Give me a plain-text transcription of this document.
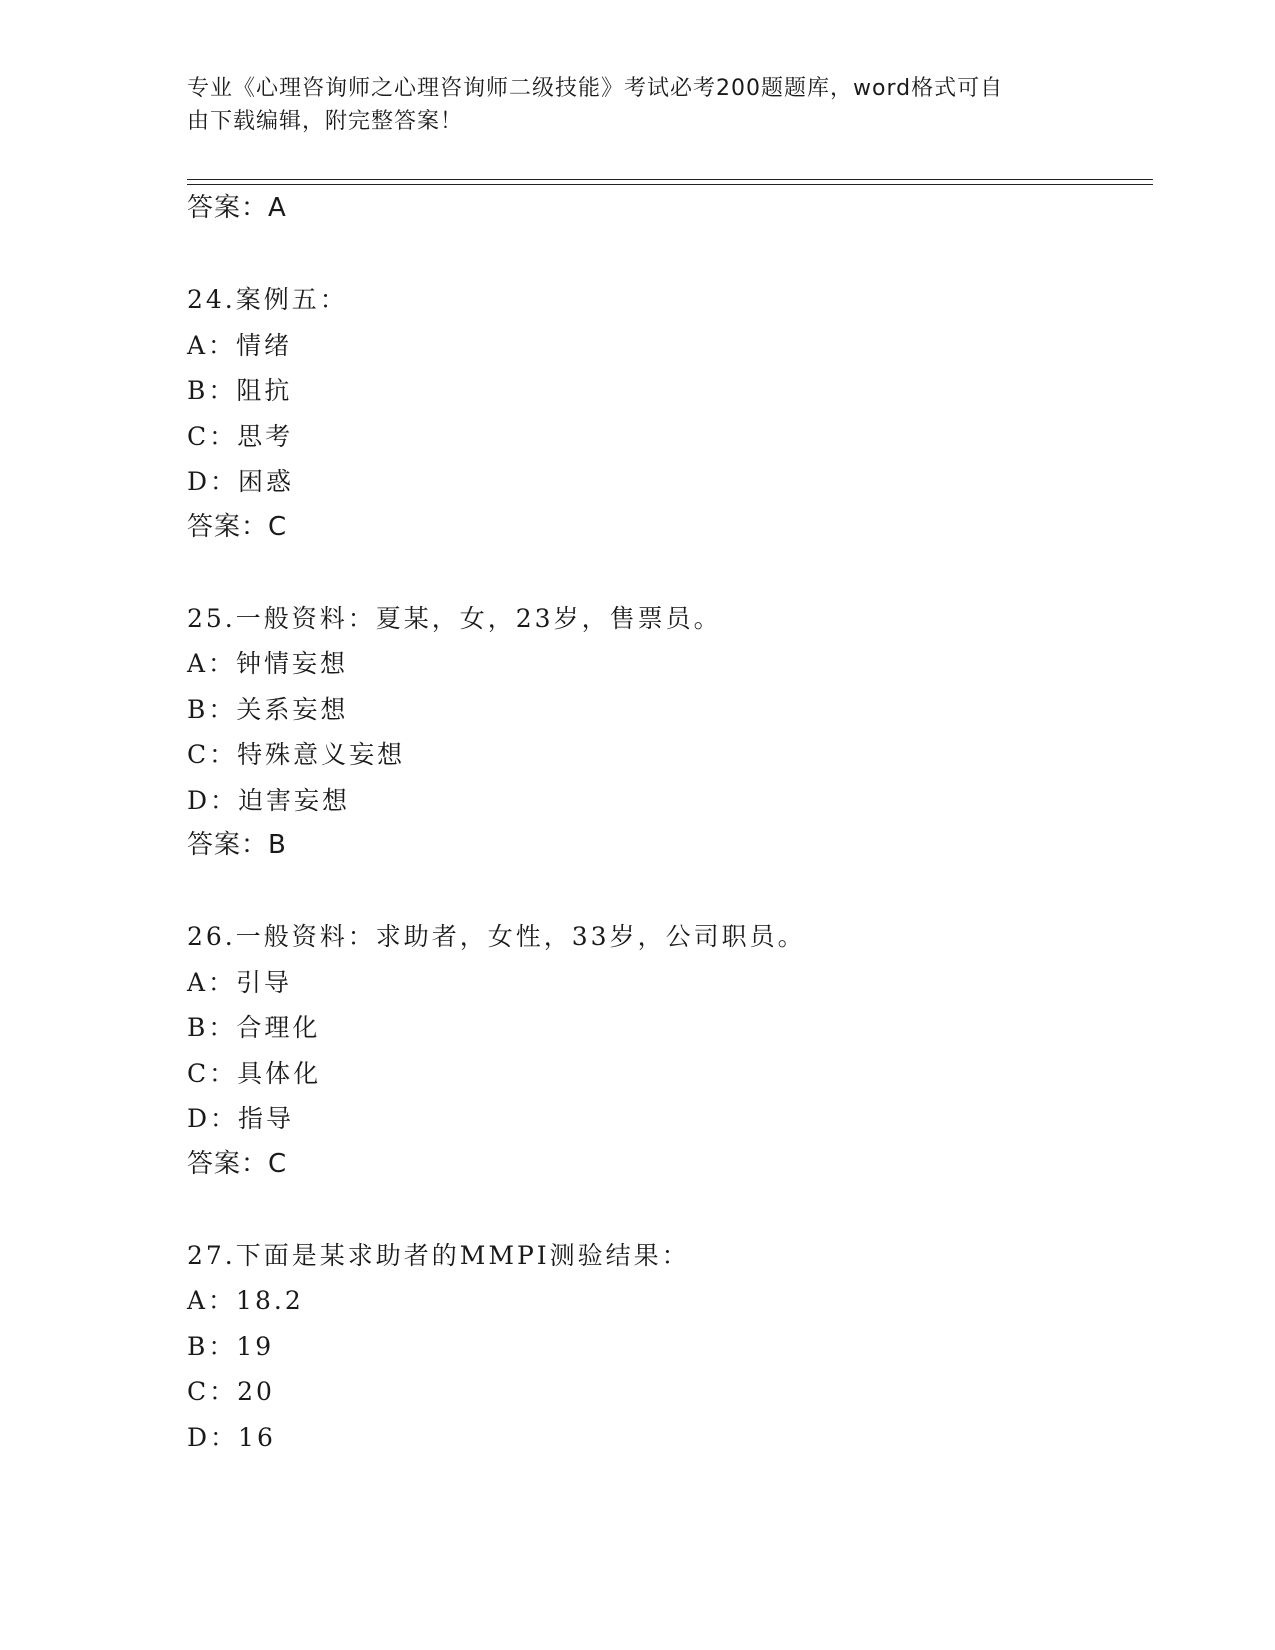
专业《心理咨询师之心理咨询师二级技能》考试必考200题题库，word格式可自
由下载编辑，附完整答案！
答案：A
24.案例五：
A：情绪
B：阻抗
C：思考
D：困惑
答案：C
25.一般资料：夏某，女，23岁，售票员。
A：钟情妄想
B：关系妄想
C：特殊意义妄想
D：迫害妄想
答案：B
26.一般资料：求助者，女性，33岁，公司职员。
A：引导
B：合理化
C：具体化
D：指导
答案：C
27.下面是某求助者的MMPI测验结果：
A：18.2
B：19
C：20
D：16
